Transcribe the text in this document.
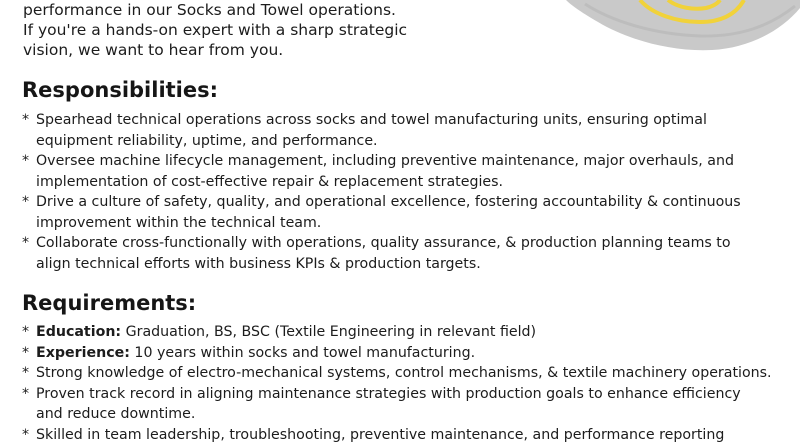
performance in our Socks and Towel operations.
If you're a hands-on expert with a sharp strategic
vision, we want to hear from you.
Responsibilities:
* Spearhead technical operations across socks and towel manufacturing units, ensuring optimal
equipment reliability, uptime, and performance.
* Oversee machine lifecycle management, including preventive maintenance, major overhauls, and
implementation of cost-effective repair & replacement strategies.
* Drive a culture of safety, quality, and operational excellence, fostering accountability & continuous
improvement within the technical team.
* Collaborate cross-functionally with operations, quality assurance, & production planning teams to
align technical efforts with business KPIs & production targets.
Requirements:
* Education: Graduation, BS, BSC (Textile Engineering in relevant field)
* Experience: 10 years within socks and towel manufacturing.
* Strong knowledge of electro-mechanical systems, control mechanisms, & textile machinery operations.
* Proven track record in aligning maintenance strategies with production goals to enhance efficiency
and reduce downtime.
* Skilled in team leadership, troubleshooting, preventive maintenance, and performance reporting
